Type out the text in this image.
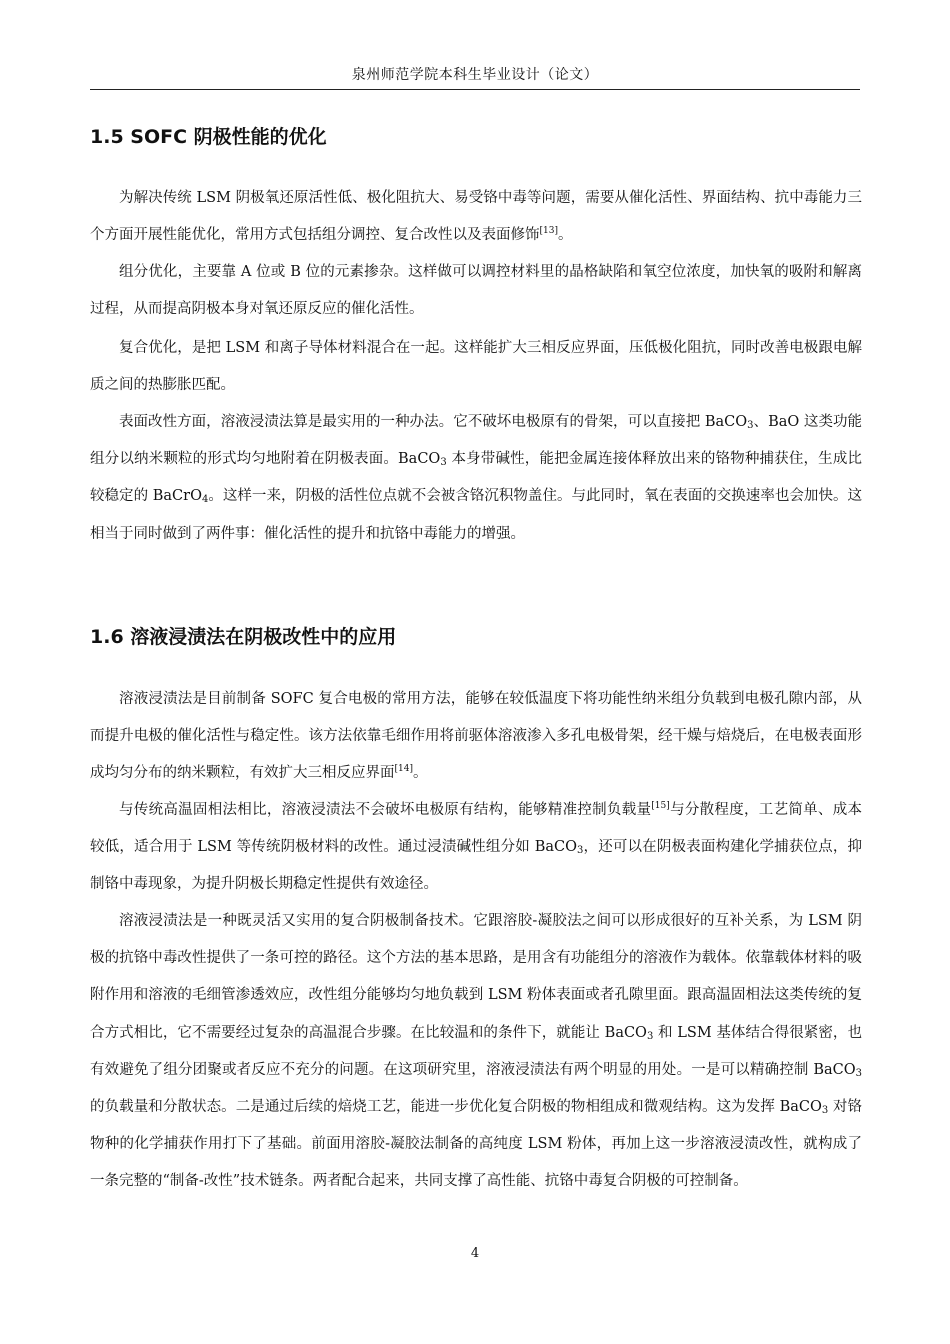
泉州师范学院本科生毕业设计（论文）
1.5 SOFC 阴极性能的优化

为解决传统 LSM 阴极氧还原活性低、极化阻抗大、易受铬中毒等问题，需要从催化活性、界面结构、抗中毒能力三个方面开展性能优化，常用方式包括组分调控、复合改性以及表面修饰[13]。

组分优化，主要靠 A 位或 B 位的元素掺杂。这样做可以调控材料里的晶格缺陷和氧空位浓度，加快氧的吸附和解离过程，从而提高阴极本身对氧还原反应的催化活性。

复合优化，是把 LSM 和离子导体材料混合在一起。这样能扩大三相反应界面，压低极化阻抗，同时改善电极跟电解质之间的热膨胀匹配。

表面改性方面，溶液浸渍法算是最实用的一种办法。它不破坏电极原有的骨架，可以直接把 BaCO$_3$、BaO 这类功能组分以纳米颗粒的形式均匀地附着在阴极表面。BaCO$_3$ 本身带碱性，能把金属连接体释放出来的铬物种捕获住，生成比较稳定的 BaCrO$_4$。这样一来，阴极的活性位点就不会被含铬沉积物盖住。与此同时，氧在表面的交换速率也会加快。这相当于同时做到了两件事：催化活性的提升和抗铬中毒能力的增强。

1.6 溶液浸渍法在阴极改性中的应用

溶液浸渍法是目前制备 SOFC 复合电极的常用方法，能够在较低温度下将功能性纳米组分负载到电极孔隙内部，从而提升电极的催化活性与稳定性。该方法依靠毛细作用将前驱体溶液渗入多孔电极骨架，经干燥与焙烧后，在电极表面形成均匀分布的纳米颗粒，有效扩大三相反应界面[14]。

与传统高温固相法相比，溶液浸渍法不会破坏电极原有结构，能够精准控制负载量[15]与分散程度，工艺简单、成本较低，适合用于 LSM 等传统阴极材料的改性。通过浸渍碱性组分如 BaCO$_3$，还可以在阴极表面构建化学捕获位点，抑制铬中毒现象，为提升阴极长期稳定性提供有效途径。

溶液浸渍法是一种既灵活又实用的复合阴极制备技术。它跟溶胶-凝胶法之间可以形成很好的互补关系，为 LSM 阴极的抗铬中毒改性提供了一条可控的路径。这个方法的基本思路，是用含有功能组分的溶液作为载体。依靠载体材料的吸附作用和溶液的毛细管渗透效应，改性组分能够均匀地负载到 LSM 粉体表面或者孔隙里面。跟高温固相法这类传统的复合方式相比，它不需要经过复杂的高温混合步骤。在比较温和的条件下，就能让 BaCO$_3$ 和 LSM 基体结合得很紧密，也有效避免了组分团聚或者反应不充分的问题。在这项研究里，溶液浸渍法有两个明显的用处。一是可以精确控制 BaCO$_3$ 的负载量和分散状态。二是通过后续的焙烧工艺，能进一步优化复合阴极的物相组成和微观结构。这为发挥 BaCO$_3$ 对铬物种的化学捕获作用打下了基础。前面用溶胶-凝胶法制备的高纯度 LSM 粉体，再加上这一步溶液浸渍改性，就构成了一条完整的“制备-改性”技术链条。两者配合起来，共同支撑了高性能、抗铬中毒复合阴极的可控制备。

4
